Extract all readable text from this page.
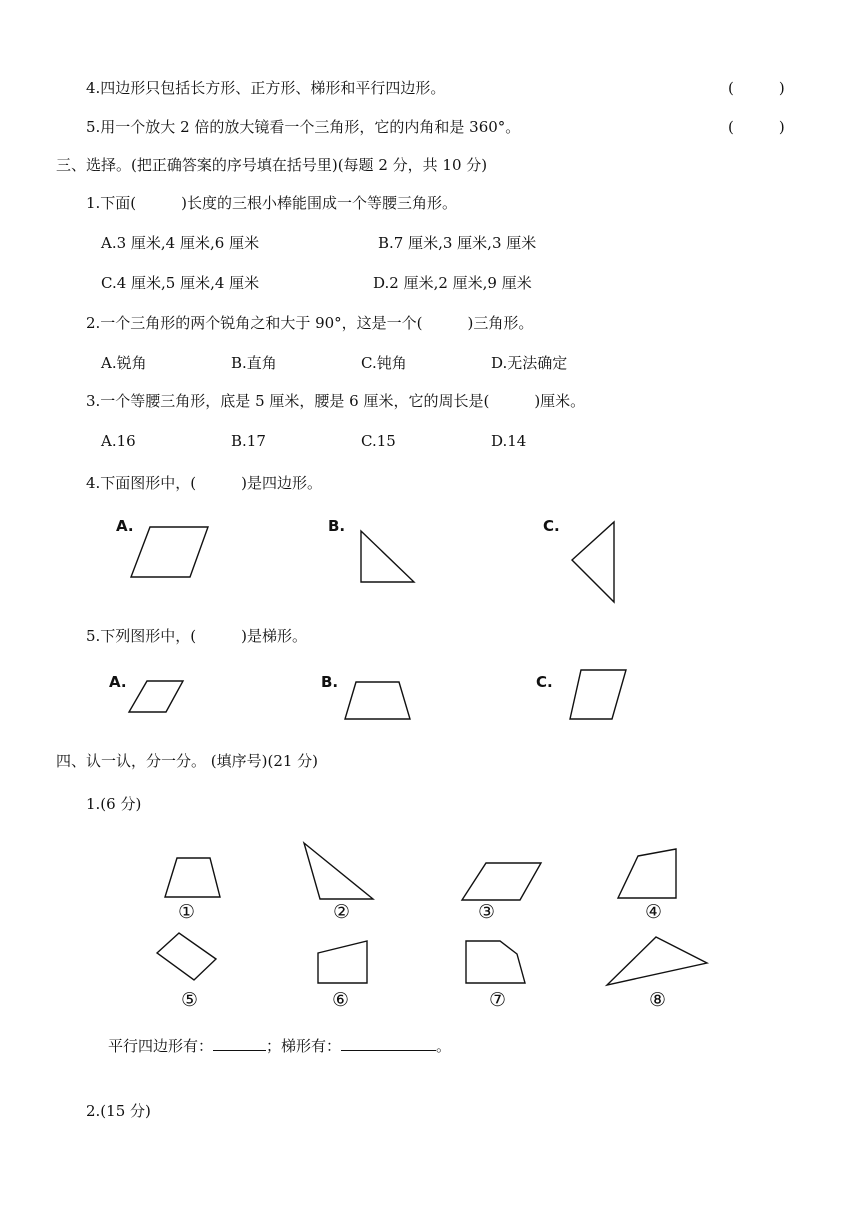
4.四边形只包括长方形、正方形、梯形和平行四边形。	(　　　)
5.用一个放大 2 倍的放大镜看一个三角形，它的内角和是 360°。	(　　　)
三、选择。(把正确答案的序号填在括号里)(每题 2 分，共 10 分)
1.下面(　　　)长度的三根小棒能围成一个等腰三角形。
A.3 厘米,4 厘米,6 厘米	B.7 厘米,3 厘米,3 厘米
C.4 厘米,5 厘米,4 厘米	D.2 厘米,2 厘米,9 厘米
2.一个三角形的两个锐角之和大于 90°，这是一个(　　　)三角形。
A.锐角	B.直角	C.钝角	D.无法确定
3.一个等腰三角形，底是 5 厘米，腰是 6 厘米，它的周长是(　　　)厘米。
A.16	B.17	C.15	D.14
4.下面图形中，(　　　)是四边形。
A.	B.	C.
5.下列图形中，(　　　)是梯形。
A.	B.	C.
四、认一认，分一分。 (填序号)(21 分)
1.(6 分)
①	②	③	④
⑤	⑥	⑦	⑧
平行四边形有：	；梯形有：	。
2.(15 分)
